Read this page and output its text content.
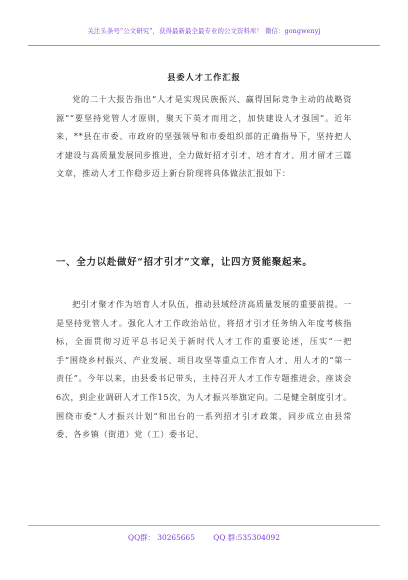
关注头条号“公文研究”，获得最新最全最专业的公文资料库！ 微信：gongwenyj
县委人才工作汇报
党的二十大报告指出“人才是实现民族振兴、赢得国际竞争主动的战略资源”“要坚持党管人才原则，聚天下英才而用之，加快建设人才强国”。近年来，**县在市委、市政府的坚强领导和市委组织部的正确指导下，坚持把人才建设与高质量发展同步推进，全力做好招才引才、培才育才、用才留才三篇文章，推动人才工作稳步迈上新台阶现将具体做法汇报如下：
一、全力以赴做好“招才引才”文章，让四方贤能聚起来。
把引才聚才作为培育人才队伍，推动县域经济高质量发展的重要前提。一是坚持党管人才。强化人才工作政治站位，将招才引才任务纳入年度考核指标，全面贯彻习近平总书记关于新时代人才工作的重要论述，压实“一把手”围绕乡村振兴、产业发展、项目攻坚等重点工作育人才、用人才的“第一责任”。今年以来，由县委书记带头，主持召开人才工作专题推进会、座谈会6次，到企业调研人才工作15次，为人才振兴举旗定向。二是健全制度引才。围绕市委“人才振兴计划”和出台的一系列招才引才政策，同步成立由县常委、各乡镇（街道）党（工）委书记、
QQ群： 30265665 QQ 群:535304092
